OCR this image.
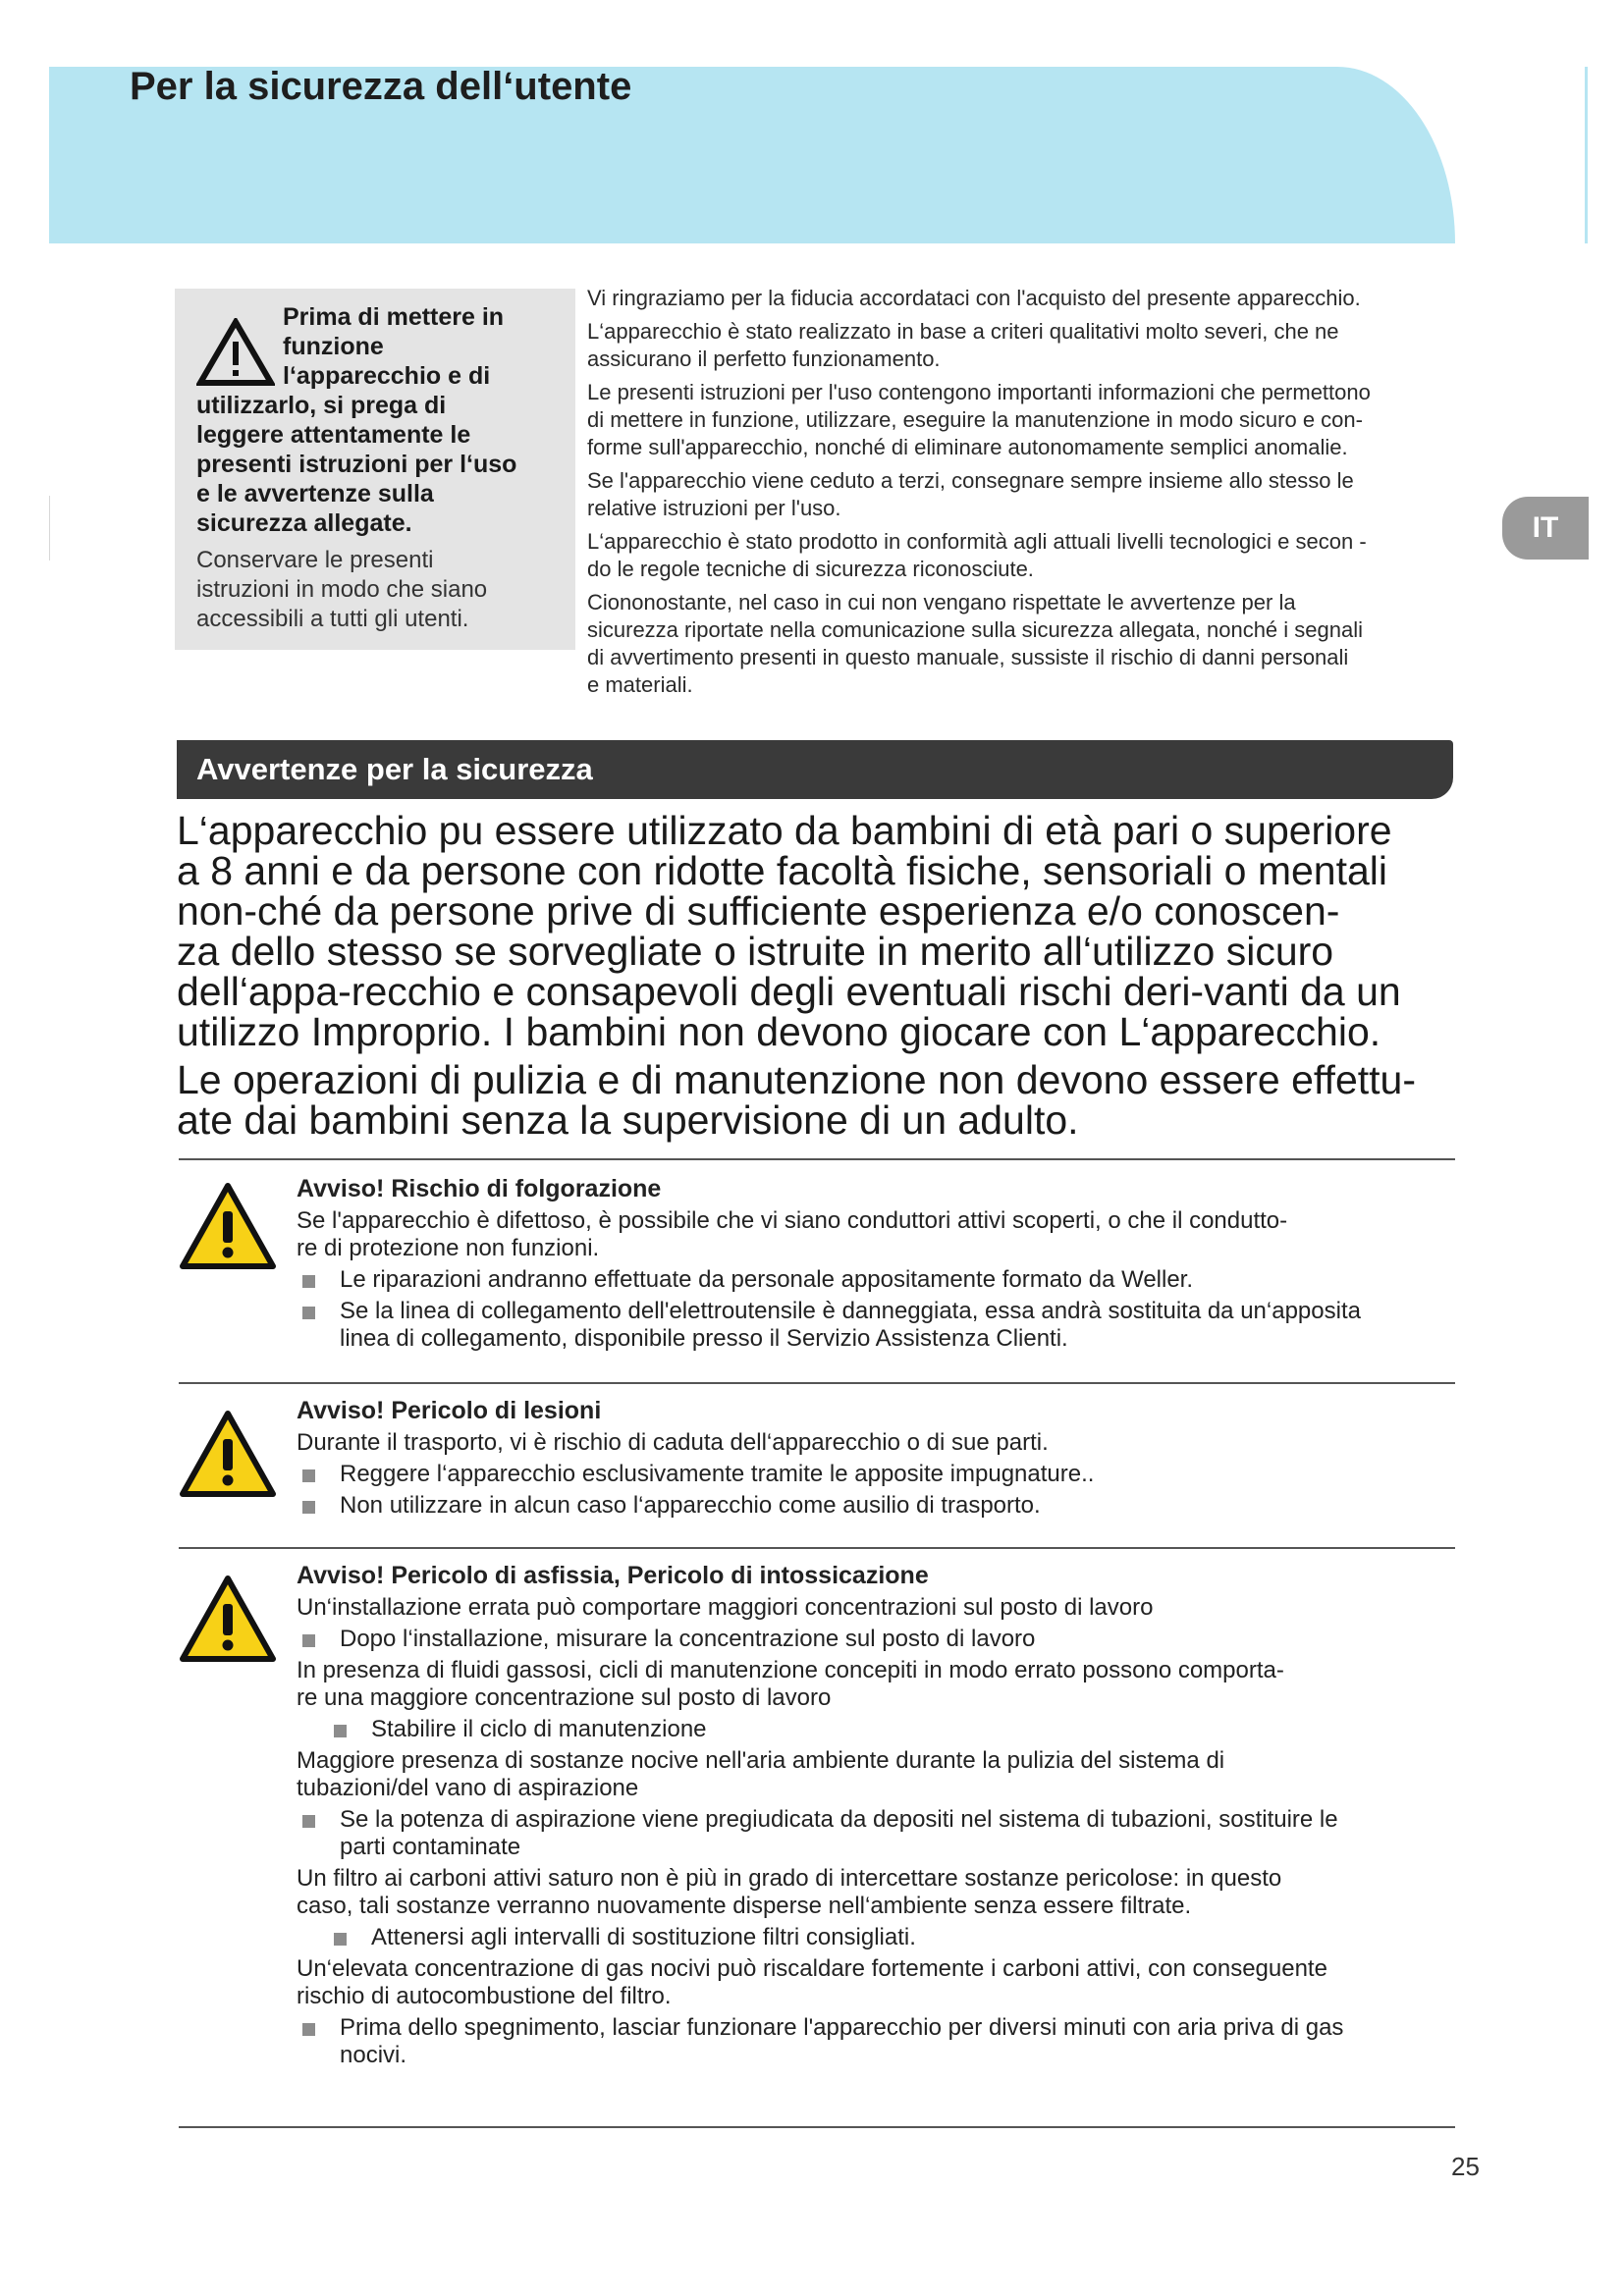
Per la sicurezza dell‘utente
IT
Prima di mettere in
funzione
l‘apparecchio e di
utilizzarlo, si prega di
leggere attentamente le
presenti istruzioni per l‘uso
e le avvertenze sulla
sicurezza allegate.
Conservare le presenti
istruzioni in modo che siano
accessibili a tutti gli utenti.

Vi ringraziamo per la fiducia accordataci con l'acquisto del presente apparecchio.

L‘apparecchio è stato realizzato in base a criteri qualitativi molto severi, che ne
assicurano il perfetto funzionamento.

Le presenti istruzioni per l'uso contengono importanti informazioni che permettono
di mettere in funzione, utilizzare, eseguire la manutenzione in modo sicuro e con-
forme sull'apparecchio, nonché di eliminare autonomamente semplici anomalie.

Se l'apparecchio viene ceduto a terzi, consegnare sempre insieme allo stesso le
relative istruzioni per l'uso.

L‘apparecchio è stato prodotto in conformità agli attuali livelli tecnologici e secon -
do le regole tecniche di sicurezza riconosciute.

Ciononostante, nel caso in cui non vengano rispettate le avvertenze per la
sicurezza riportate nella comunicazione sulla sicurezza allegata, nonché i segnali
di avvertimento presenti in questo manuale, sussiste il rischio di danni personali
e materiali.

Avvertenze per la sicurezza

L‘apparecchio pu essere utilizzato da bambini di età pari o superiore
a 8 anni e da persone con ridotte facoltà fisiche, sensoriali o mentali
non-ché da persone prive di sufficiente esperienza e/o conoscen-
za dello stesso se sorvegliate o istruite in merito all‘utilizzo sicuro
dell‘appa-recchio e consapevoli degli eventuali rischi deri-vanti da un
utilizzo Improprio. I bambini non devono giocare con L‘apparecchio.

Le operazioni di pulizia e di manutenzione non devono essere effettu-
ate dai bambini senza la supervisione di un adulto.

Avviso! Rischio di folgorazione

Se l'apparecchio è difettoso, è possibile che vi siano conduttori attivi scoperti, o che il condutto-
re di protezione non funzioni.

Le riparazioni andranno effettuate da personale appositamente formato da Weller.
Se la linea di collegamento dell'elettroutensile è danneggiata, essa andrà sostituita da un‘apposita
linea di collegamento, disponibile presso il Servizio Assistenza Clienti.
Avviso! Pericolo di lesioni

Durante il trasporto, vi è rischio di caduta dell‘apparecchio o di sue parti.

Reggere l‘apparecchio esclusivamente tramite le apposite impugnature..
Non utilizzare in alcun caso l‘apparecchio come ausilio di trasporto.
Avviso! Pericolo di asfissia, Pericolo di intossicazione

Un‘installazione errata può comportare maggiori concentrazioni sul posto di lavoro

Dopo l‘installazione, misurare la concentrazione sul posto di lavoro

In presenza di fluidi gassosi, cicli di manutenzione concepiti in modo errato possono comporta-
re una maggiore concentrazione sul posto di lavoro

Stabilire il ciclo di manutenzione

Maggiore presenza di sostanze nocive nell'aria ambiente durante la pulizia del sistema di
tubazioni/del vano di aspirazione

Se la potenza di aspirazione viene pregiudicata da depositi nel sistema di tubazioni, sostituire le
parti contaminate

Un filtro ai carboni attivi saturo non è più in grado di intercettare sostanze pericolose: in questo
caso, tali sostanze verranno nuovamente disperse nell‘ambiente senza essere filtrate.

Attenersi agli intervalli di sostituzione filtri consigliati.

Un‘elevata concentrazione di gas nocivi può riscaldare fortemente i carboni attivi, con conseguente
rischio di autocombustione del filtro.

Prima dello spegnimento, lasciar funzionare l'apparecchio per diversi minuti con aria priva di gas
nocivi.
25
